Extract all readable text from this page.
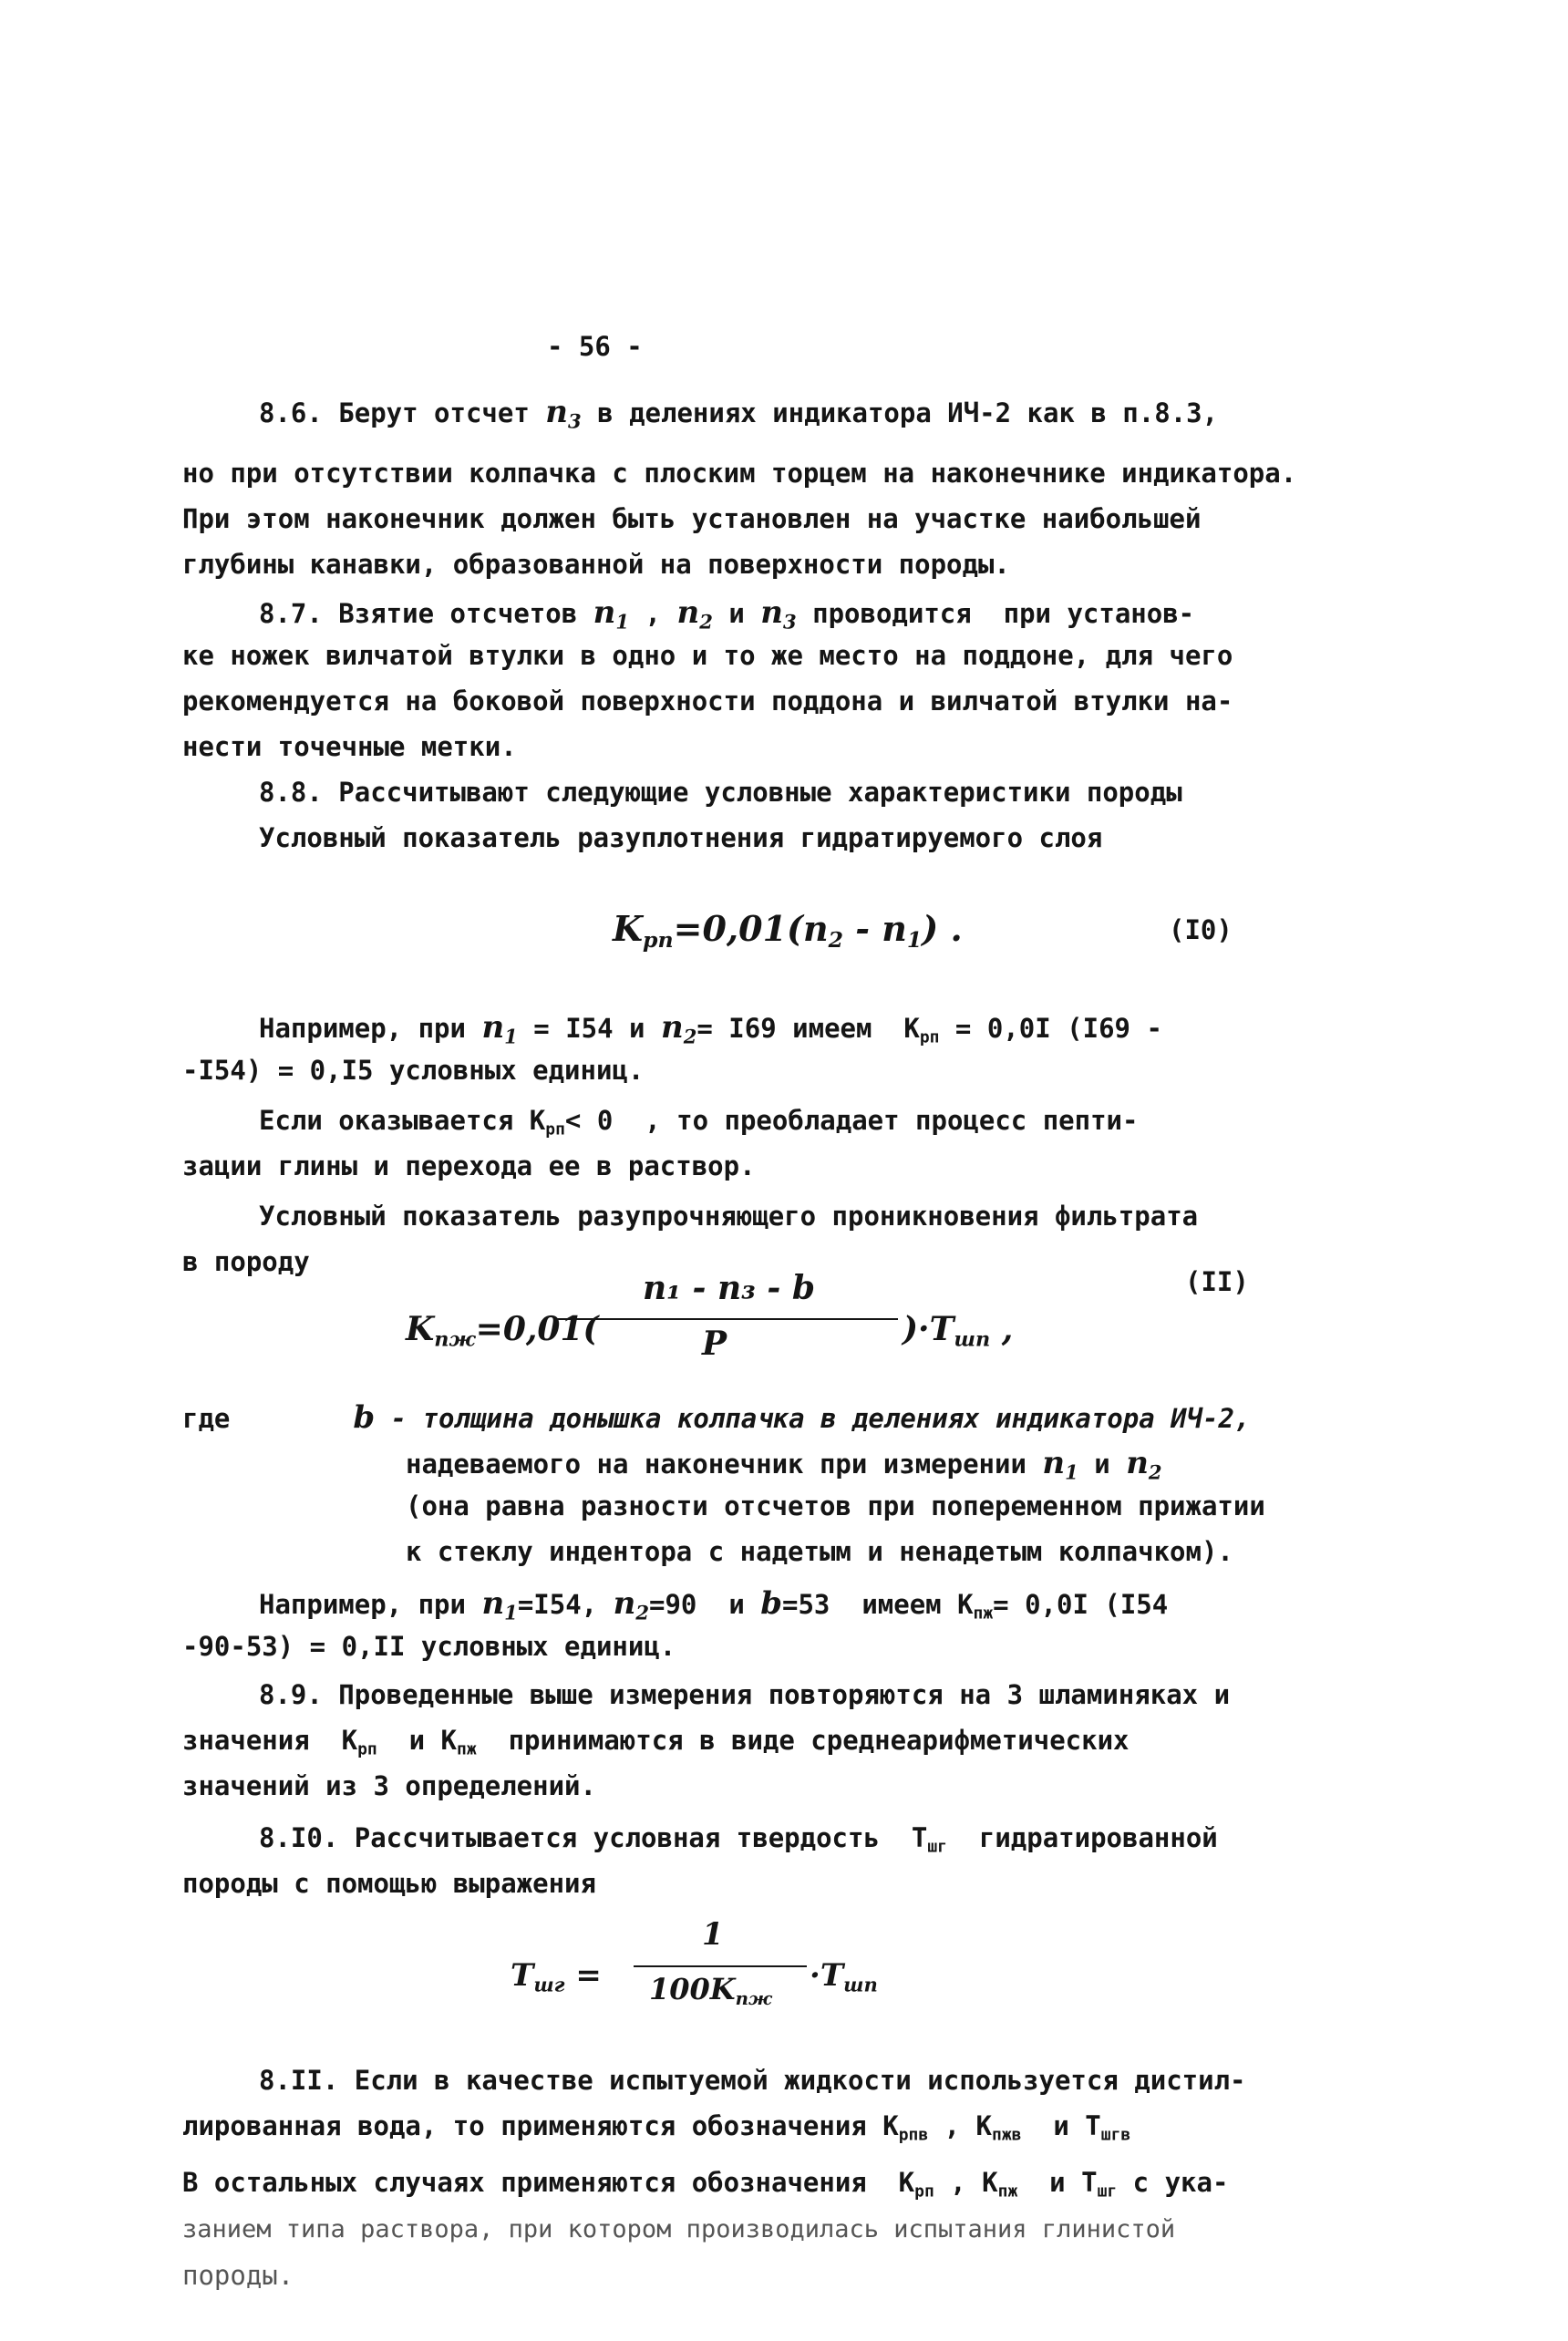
- 56 -
8.6. Берут отсчет $n_3$ в делениях индикатора ИЧ-2 как в п.8.3,
но при отсутствии колпачка с плоским торцем на наконечнике индикатора.
При этом наконечник должен быть установлен на участке наибольшей
глубины канавки, образованной на поверхности породы.
8.7. Взятие отсчетов $n_1$ , $n_2$ и $n_3$ проводится  при установ-
ке ножек вилчатой втулки в одно и то же место на поддоне, для чего
рекомендуется на боковой поверхности поддона и вилчатой втулки на-
нести точечные метки.
8.8. Рассчитывают следующие условные характеристики породы
Условный показатель разуплотнения гидратируемого слоя
$K_{рп}=0,01(n_2 - n_1)$ .	(I0)
Например, при $n_1 = I54$ и $n_2= I69$ имеем  $К_{рп} = 0,0I$ (I69 -
-I54) = 0,I5 условных единиц.
Если оказывается $К_{рп}< 0$  , то преобладает процесс пепти-
зации глины и перехода ее в раствор.
Условный показатель разупрочняющего проникновения фильтрата
в породу
$K_{пж}=0,01$(
n₁ - n₃ - b
P	)$\cdot T_{шп}$ ,
(II)
где	b - толщина донышка колпачка в делениях индикатора ИЧ-2,
надеваемого на наконечник при измерении $n_1$ и $n_2$
(она равна разности отсчетов при попеременном прижатии
к стеклу индентора с надетым и ненадетым колпачком).
Например, при $n_1=I54$, $n_2=90$  и b=53  имеем $К_{пж}= 0,0I$ (I54
-90-53) = 0,II условных единиц.
8.9. Проведенные выше измерения повторяются на 3 шламиняках и
значения  $К_{рп}$  и $К_{пж}$  принимаются в виде среднеарифметических
значений из 3 определений.
8.I0. Рассчитывается условная твердость  $Т_{шг}$  гидратированной
породы с помощью выражения
$T_{шг}$ =
1
$100K_{пж}$
$\cdot T_{шп}$
8.II. Если в качестве испытуемой жидкости используется дистил-
лированная вода, то применяются обозначения $К_{рпв}$ , $К_{пжв}$  и $Т_{шгв}$
В остальных случаях применяются обозначения  $К_{рп}$ , $К_{пж}$  и $Т_{шг}$ с ука-
занием типа раствора, при котором производилась испытания глинистой
породы.
